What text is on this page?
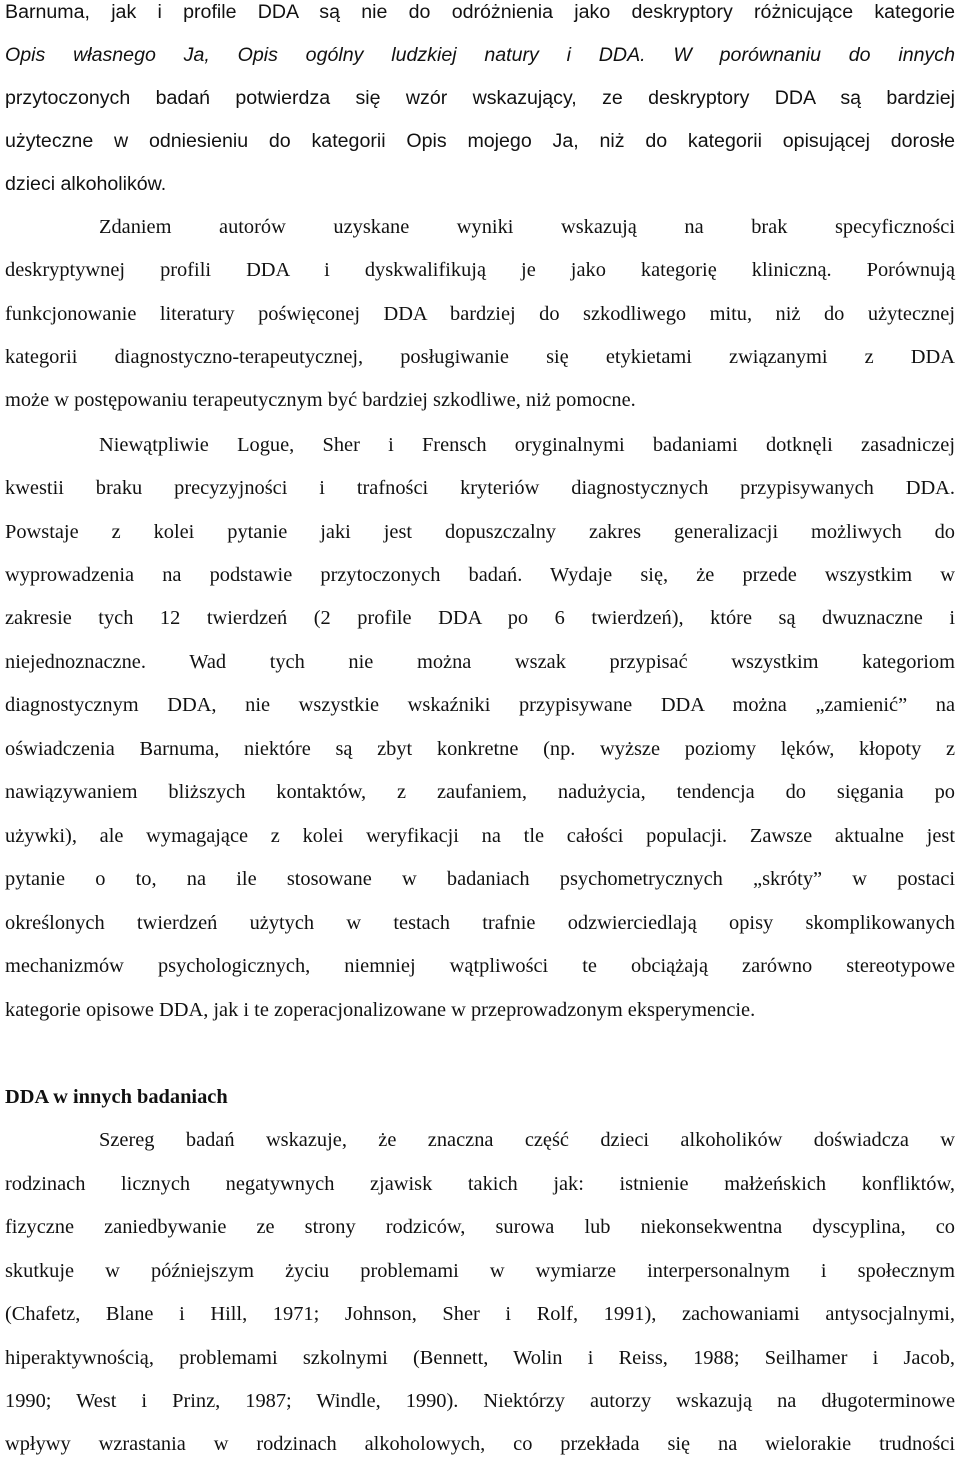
Barnuma, jak i profile DDA są nie do odróżnienia jako deskryptory różnicujące kategorie
Opis własnego Ja, Opis ogólny ludzkiej natury i DDA. W porównaniu do innych
przytoczonych badań potwierdza się wzór wskazujący, ze deskryptory DDA są bardziej
użyteczne w odniesieniu do kategorii Opis mojego Ja, niż do kategorii opisującej dorosłe
dzieci alkoholików.
Zdaniem autorów uzyskane wyniki wskazują na brak specyficzności
deskryptywnej profili DDA i dyskwalifikują je jako kategorię kliniczną. Porównują
funkcjonowanie literatury poświęconej DDA bardziej do szkodliwego mitu, niż do użytecznej
kategorii diagnostyczno-terapeutycznej, posługiwanie się etykietami związanymi z DDA
może w postępowaniu terapeutycznym być bardziej szkodliwe, niż pomocne.
Niewątpliwie Logue, Sher i Frensch oryginalnymi badaniami dotknęli zasadniczej
kwestii braku precyzyjności i trafności kryteriów diagnostycznych przypisywanych DDA.
Powstaje z kolei pytanie jaki jest dopuszczalny zakres generalizacji możliwych do
wyprowadzenia na podstawie przytoczonych badań. Wydaje się, że przede wszystkim w
zakresie tych 12 twierdzeń (2 profile DDA po 6 twierdzeń), które są dwuznaczne i
niejednoznaczne. Wad tych nie można wszak przypisać wszystkim kategoriom
diagnostycznym DDA, nie wszystkie wskaźniki przypisywane DDA można „zamienić” na
oświadczenia Barnuma, niektóre są zbyt konkretne (np. wyższe poziomy lęków, kłopoty z
nawiązywaniem bliższych kontaktów, z zaufaniem, nadużycia, tendencja do sięgania po
używki), ale wymagające z kolei weryfikacji na tle całości populacji. Zawsze aktualne jest
pytanie o to, na ile stosowane w badaniach psychometrycznych „skróty” w postaci
określonych twierdzeń użytych w testach trafnie odzwierciedlają opisy skomplikowanych
mechanizmów psychologicznych, niemniej wątpliwości te obciążają zarówno stereotypowe
kategorie opisowe DDA, jak i te zoperacjonalizowane w przeprowadzonym eksperymencie.
DDA w innych badaniach
Szereg badań wskazuje, że znaczna część dzieci alkoholików doświadcza w
rodzinach licznych negatywnych zjawisk takich jak: istnienie małżeńskich konfliktów,
fizyczne zaniedbywanie ze strony rodziców, surowa lub niekonsekwentna dyscyplina, co
skutkuje w późniejszym życiu problemami w wymiarze interpersonalnym i społecznym
(Chafetz, Blane i Hill, 1971; Johnson, Sher i Rolf, 1991), zachowaniami antysocjalnymi,
hiperaktywnością, problemami szkolnymi (Bennett, Wolin i Reiss, 1988; Seilhamer i Jacob,
1990; West i Prinz, 1987; Windle, 1990). Niektórzy autorzy wskazują na długoterminowe
wpływy wzrastania w rodzinach alkoholowych, co przekłada się na wielorakie trudności
